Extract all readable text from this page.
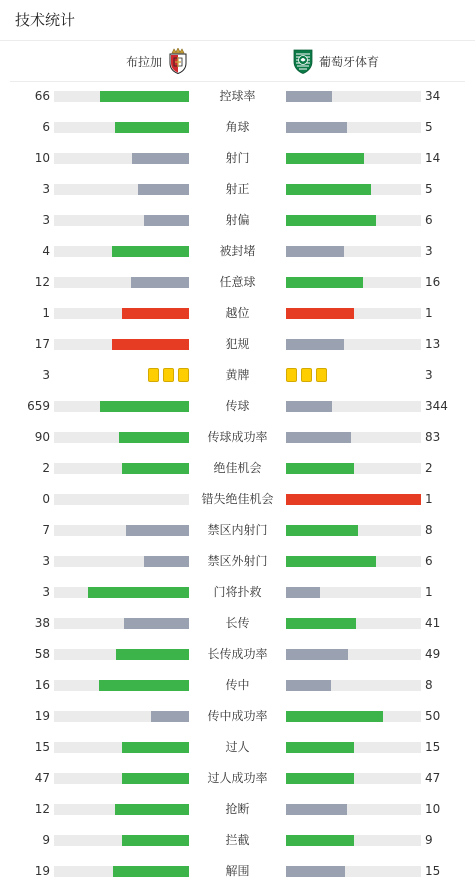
技术统计
布拉加	葡萄牙体育
66	控球率	34
6	角球	5
10	射门	14
3	射正	5
3	射偏	6
4	被封堵	3
12	任意球	16
1	越位	1
17	犯规	13
3	黄牌	3
659	传球	344
90	传球成功率	83
2	绝佳机会	2
0	错失绝佳机会	1
7	禁区内射门	8
3	禁区外射门	6
3	门将扑救	1
38	长传	41
58	长传成功率	49
16	传中	8
19	传中成功率	50
15	过人	15
47	过人成功率	47
12	抢断	10
9	拦截	9
19	解围	15
